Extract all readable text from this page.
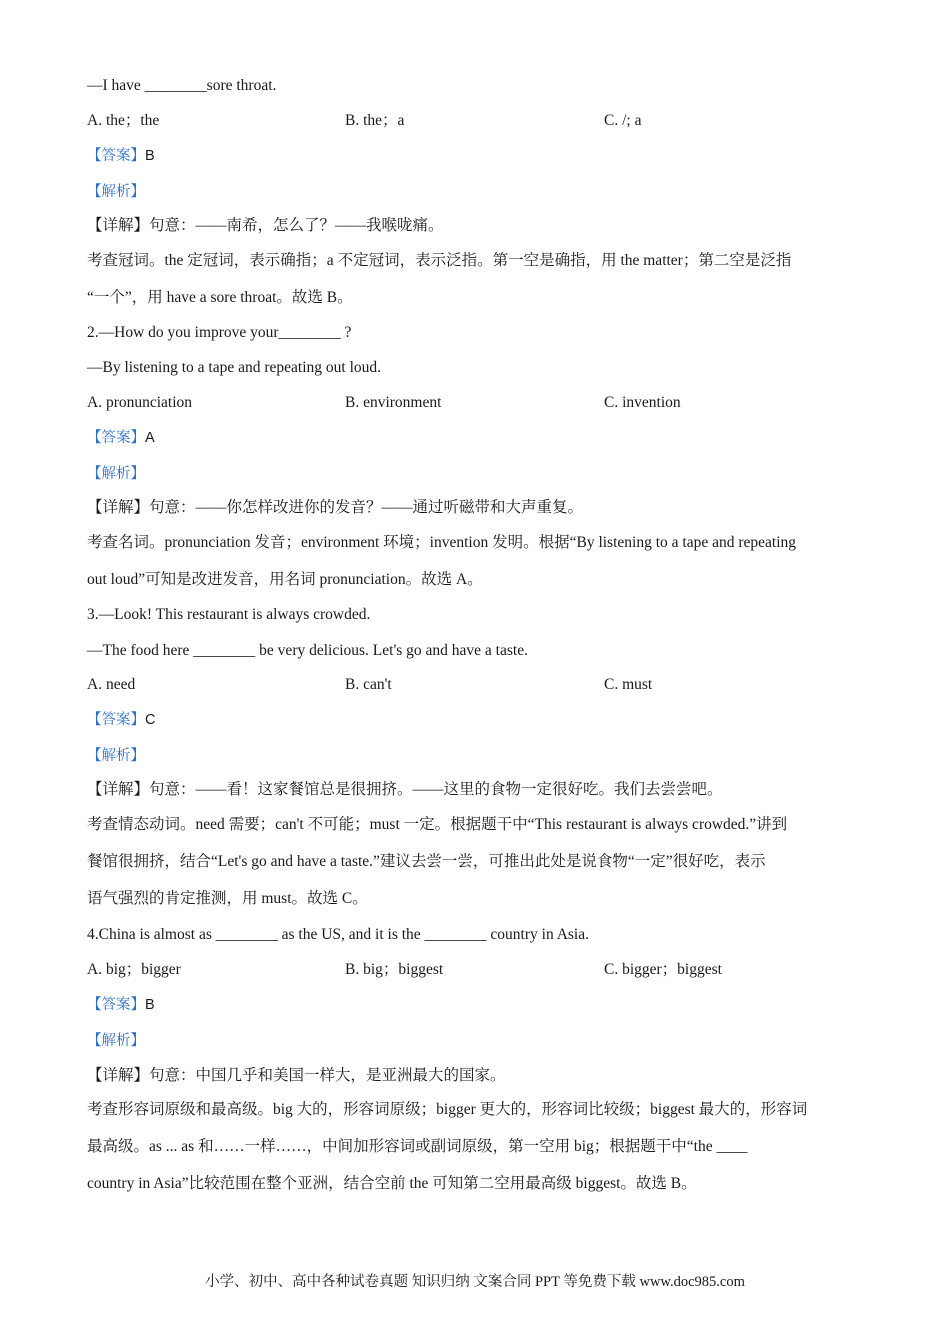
—I have ________sore throat.
A. the；the	B. the；a	C. /; a
【答案】B
【解析】
【详解】句意：——南希，怎么了？——我喉咙痛。
考查冠词。the 定冠词，表示确指；a 不定冠词，表示泛指。第一空是确指，用 the matter；第二空是泛指
“一个”，用 have a sore throat。故选 B。
2.—How do you improve your________ ?
—By listening to a tape and repeating out loud.
A. pronunciation	B. environment	C. invention
【答案】A
【解析】
【详解】句意：——你怎样改进你的发音？——通过听磁带和大声重复。
考查名词。pronunciation 发音；environment 环境；invention 发明。根据“By listening to a tape and repeating
out loud”可知是改进发音，用名词 pronunciation。故选 A。
3.—Look! This restaurant is always crowded.
—The food here ________ be very delicious. Let's go and have a taste.
A. need	B. can't	C. must
【答案】C
【解析】
【详解】句意：——看！这家餐馆总是很拥挤。——这里的食物一定很好吃。我们去尝尝吧。
考查情态动词。need 需要；can't 不可能；must 一定。根据题干中“This restaurant is always crowded.”讲到
餐馆很拥挤，结合“Let's go and have a taste.”建议去尝一尝，可推出此处是说食物“一定”很好吃，表示
语气强烈的肯定推测，用 must。故选 C。
4.China is almost as ________ as the US, and it is the ________ country in Asia.
A. big；bigger	B. big；biggest	C. bigger；biggest
【答案】B
【解析】
【详解】句意：中国几乎和美国一样大，是亚洲最大的国家。
考查形容词原级和最高级。big 大的，形容词原级；bigger 更大的，形容词比较级；biggest 最大的，形容词
最高级。as ... as 和……一样……，中间加形容词或副词原级，第一空用 big；根据题干中“the ____
country in Asia”比较范围在整个亚洲，结合空前 the 可知第二空用最高级 biggest。故选 B。
小学、初中、高中各种试卷真题 知识归纳 文案合同 PPT 等免费下载 www.doc985.com
